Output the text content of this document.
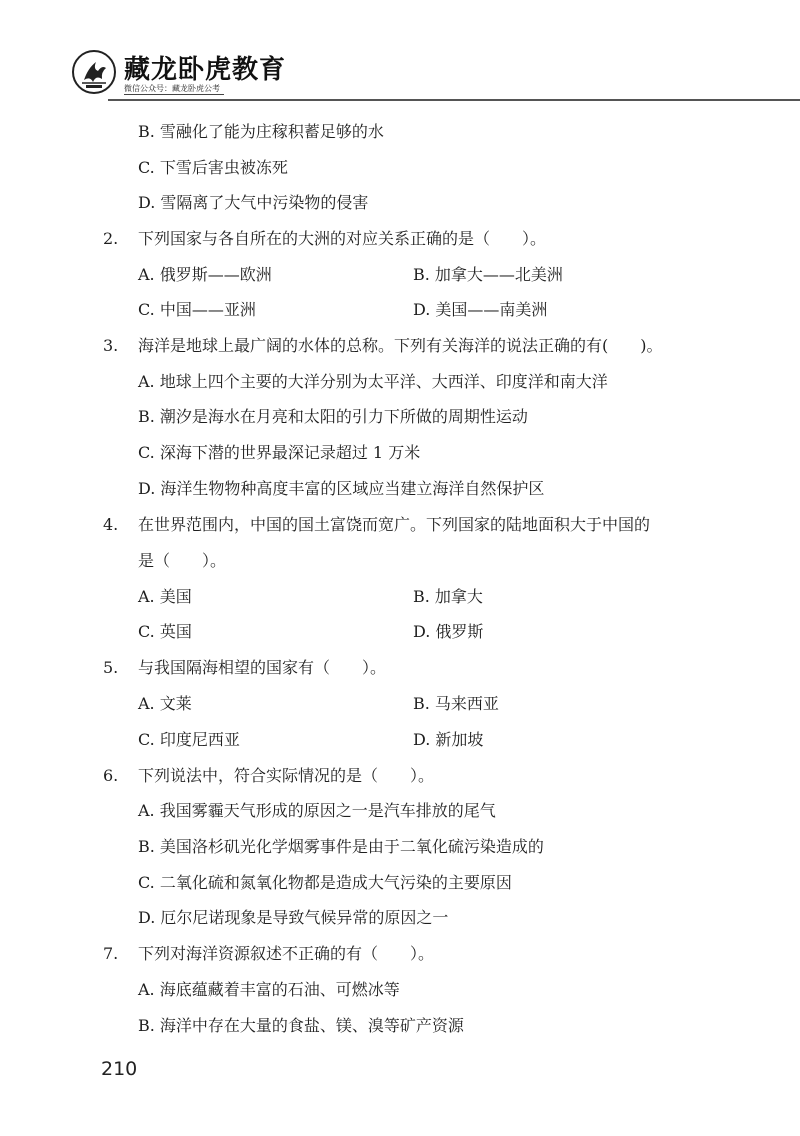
藏龙卧虎教育
微信公众号：藏龙卧虎公考
B. 雪融化了能为庄稼积蓄足够的水
C. 下雪后害虫被冻死
D. 雪隔离了大气中污染物的侵害
2. 下列国家与各自所在的大洲的对应关系正确的是（　　）。
A. 俄罗斯——欧洲	B. 加拿大——北美洲
C. 中国——亚洲	D. 美国——南美洲
3. 海洋是地球上最广阔的水体的总称。下列有关海洋的说法正确的有(　　)。
A. 地球上四个主要的大洋分别为太平洋、大西洋、印度洋和南大洋
B. 潮汐是海水在月亮和太阳的引力下所做的周期性运动
C. 深海下潜的世界最深记录超过 1 万米
D. 海洋生物物种高度丰富的区域应当建立海洋自然保护区
4. 在世界范围内，中国的国土富饶而宽广。下列国家的陆地面积大于中国的
是（　　）。
A. 美国	B. 加拿大
C. 英国	D. 俄罗斯
5. 与我国隔海相望的国家有（　　）。
A. 文莱	B. 马来西亚
C. 印度尼西亚	D. 新加坡
6. 下列说法中，符合实际情况的是（　　）。
A. 我国雾霾天气形成的原因之一是汽车排放的尾气
B. 美国洛杉矶光化学烟雾事件是由于二氧化硫污染造成的
C. 二氧化硫和氮氧化物都是造成大气污染的主要原因
D. 厄尔尼诺现象是导致气候异常的原因之一
7. 下列对海洋资源叙述不正确的有（　　）。
A. 海底蕴藏着丰富的石油、可燃冰等
B. 海洋中存在大量的食盐、镁、溴等矿产资源
210
